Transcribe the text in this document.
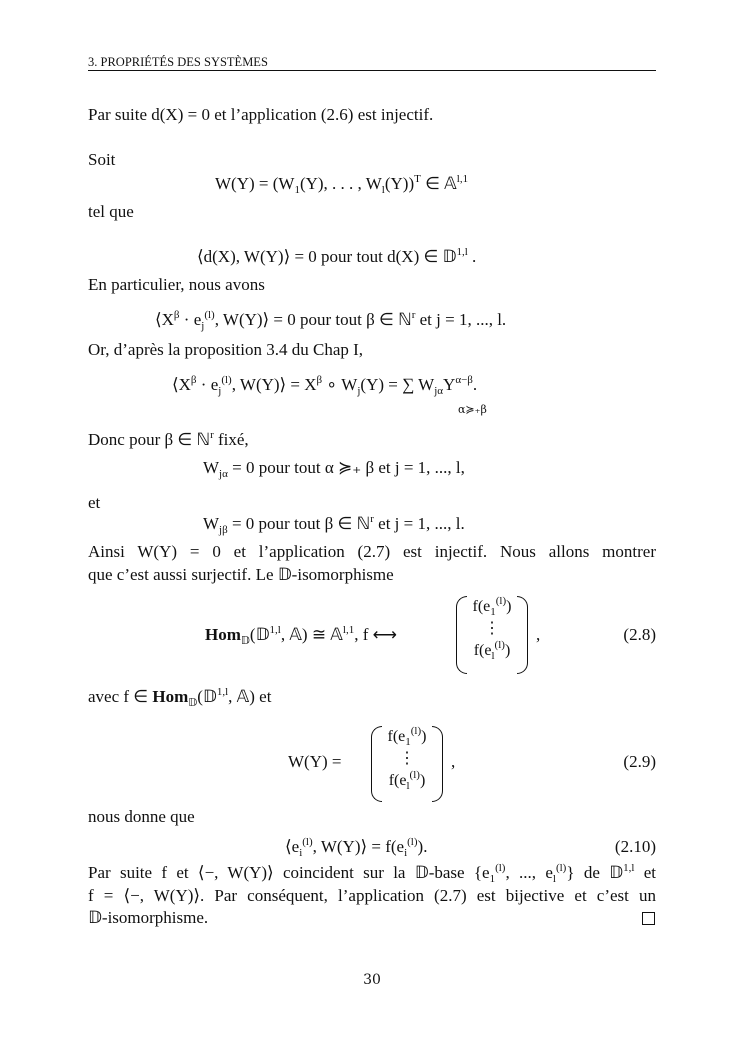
3. PROPRIÉTÉS DES SYSTÈMES
Par suite d(X) = 0 et l’application (2.6) est injectif.
Soit
$W(Y) = (W_1(Y)$, . . . , $W_l(Y))^T$ ∈ 𝔸$^{l,1}$
tel que
⟨d(X), W(Y)⟩ = 0 pour tout d(X) ∈ 𝔻$^{1,l}$ .
En particulier, nous avons
$⟨X^\beta \cdot e_j^{(l)}$, W(Y)⟩ = 0 pour tout β ∈ ℕ$^r$ et j = 1, ..., l.
Or, d’après la proposition 3.4 du Chap I,
$⟨X^\beta \cdot e_j^{(l)}$, W(Y)⟩ = $X^\beta$ ∘ $W_j(Y)$ = ∑ $W_{j\alpha}Y^{\alpha-\beta}$.
α≽₊β
Donc pour β ∈ ℕ$^r$ fixé,
$W_{j\alpha} = 0$ pour tout α ≽₊ β et j = 1, ..., l,
et
$W_{j\beta} = 0$ pour tout β ∈ ℕ$^r$ et j = 1, ..., l.
Ainsi W(Y) = 0 et l’application (2.7) est injectif. Nous allons montrer
que c’est aussi surjectif. Le 𝔻-isomorphisme
Hom$_𝔻$(𝔻$^{1,l}$, 𝔸) ≅ 𝔸$^{l,1}$, f ⟷
$f(e_1^{(l)})$
⋮
$f(e_l^{(l)})$
,	(2.8)
avec f ∈ Hom$_𝔻$(𝔻$^{1,l}$, 𝔸) et
W(Y) =
$f(e_1^{(l)})$
⋮
$f(e_l^{(l)})$
,	(2.9)
nous donne que
$⟨e_i^{(l)}$, W(Y)⟩ = $f(e_i^{(l)})$.	(2.10)
Par suite f et ⟨−, W(Y)⟩ coincident sur la 𝔻-base {$e_1^{(l)}$, ..., $e_l^{(l)}$} de 𝔻$^{1,l}$ et
f = ⟨−, W(Y)⟩. Par conséquent, l’application (2.7) est bijective et c’est un
𝔻-isomorphisme.
30
